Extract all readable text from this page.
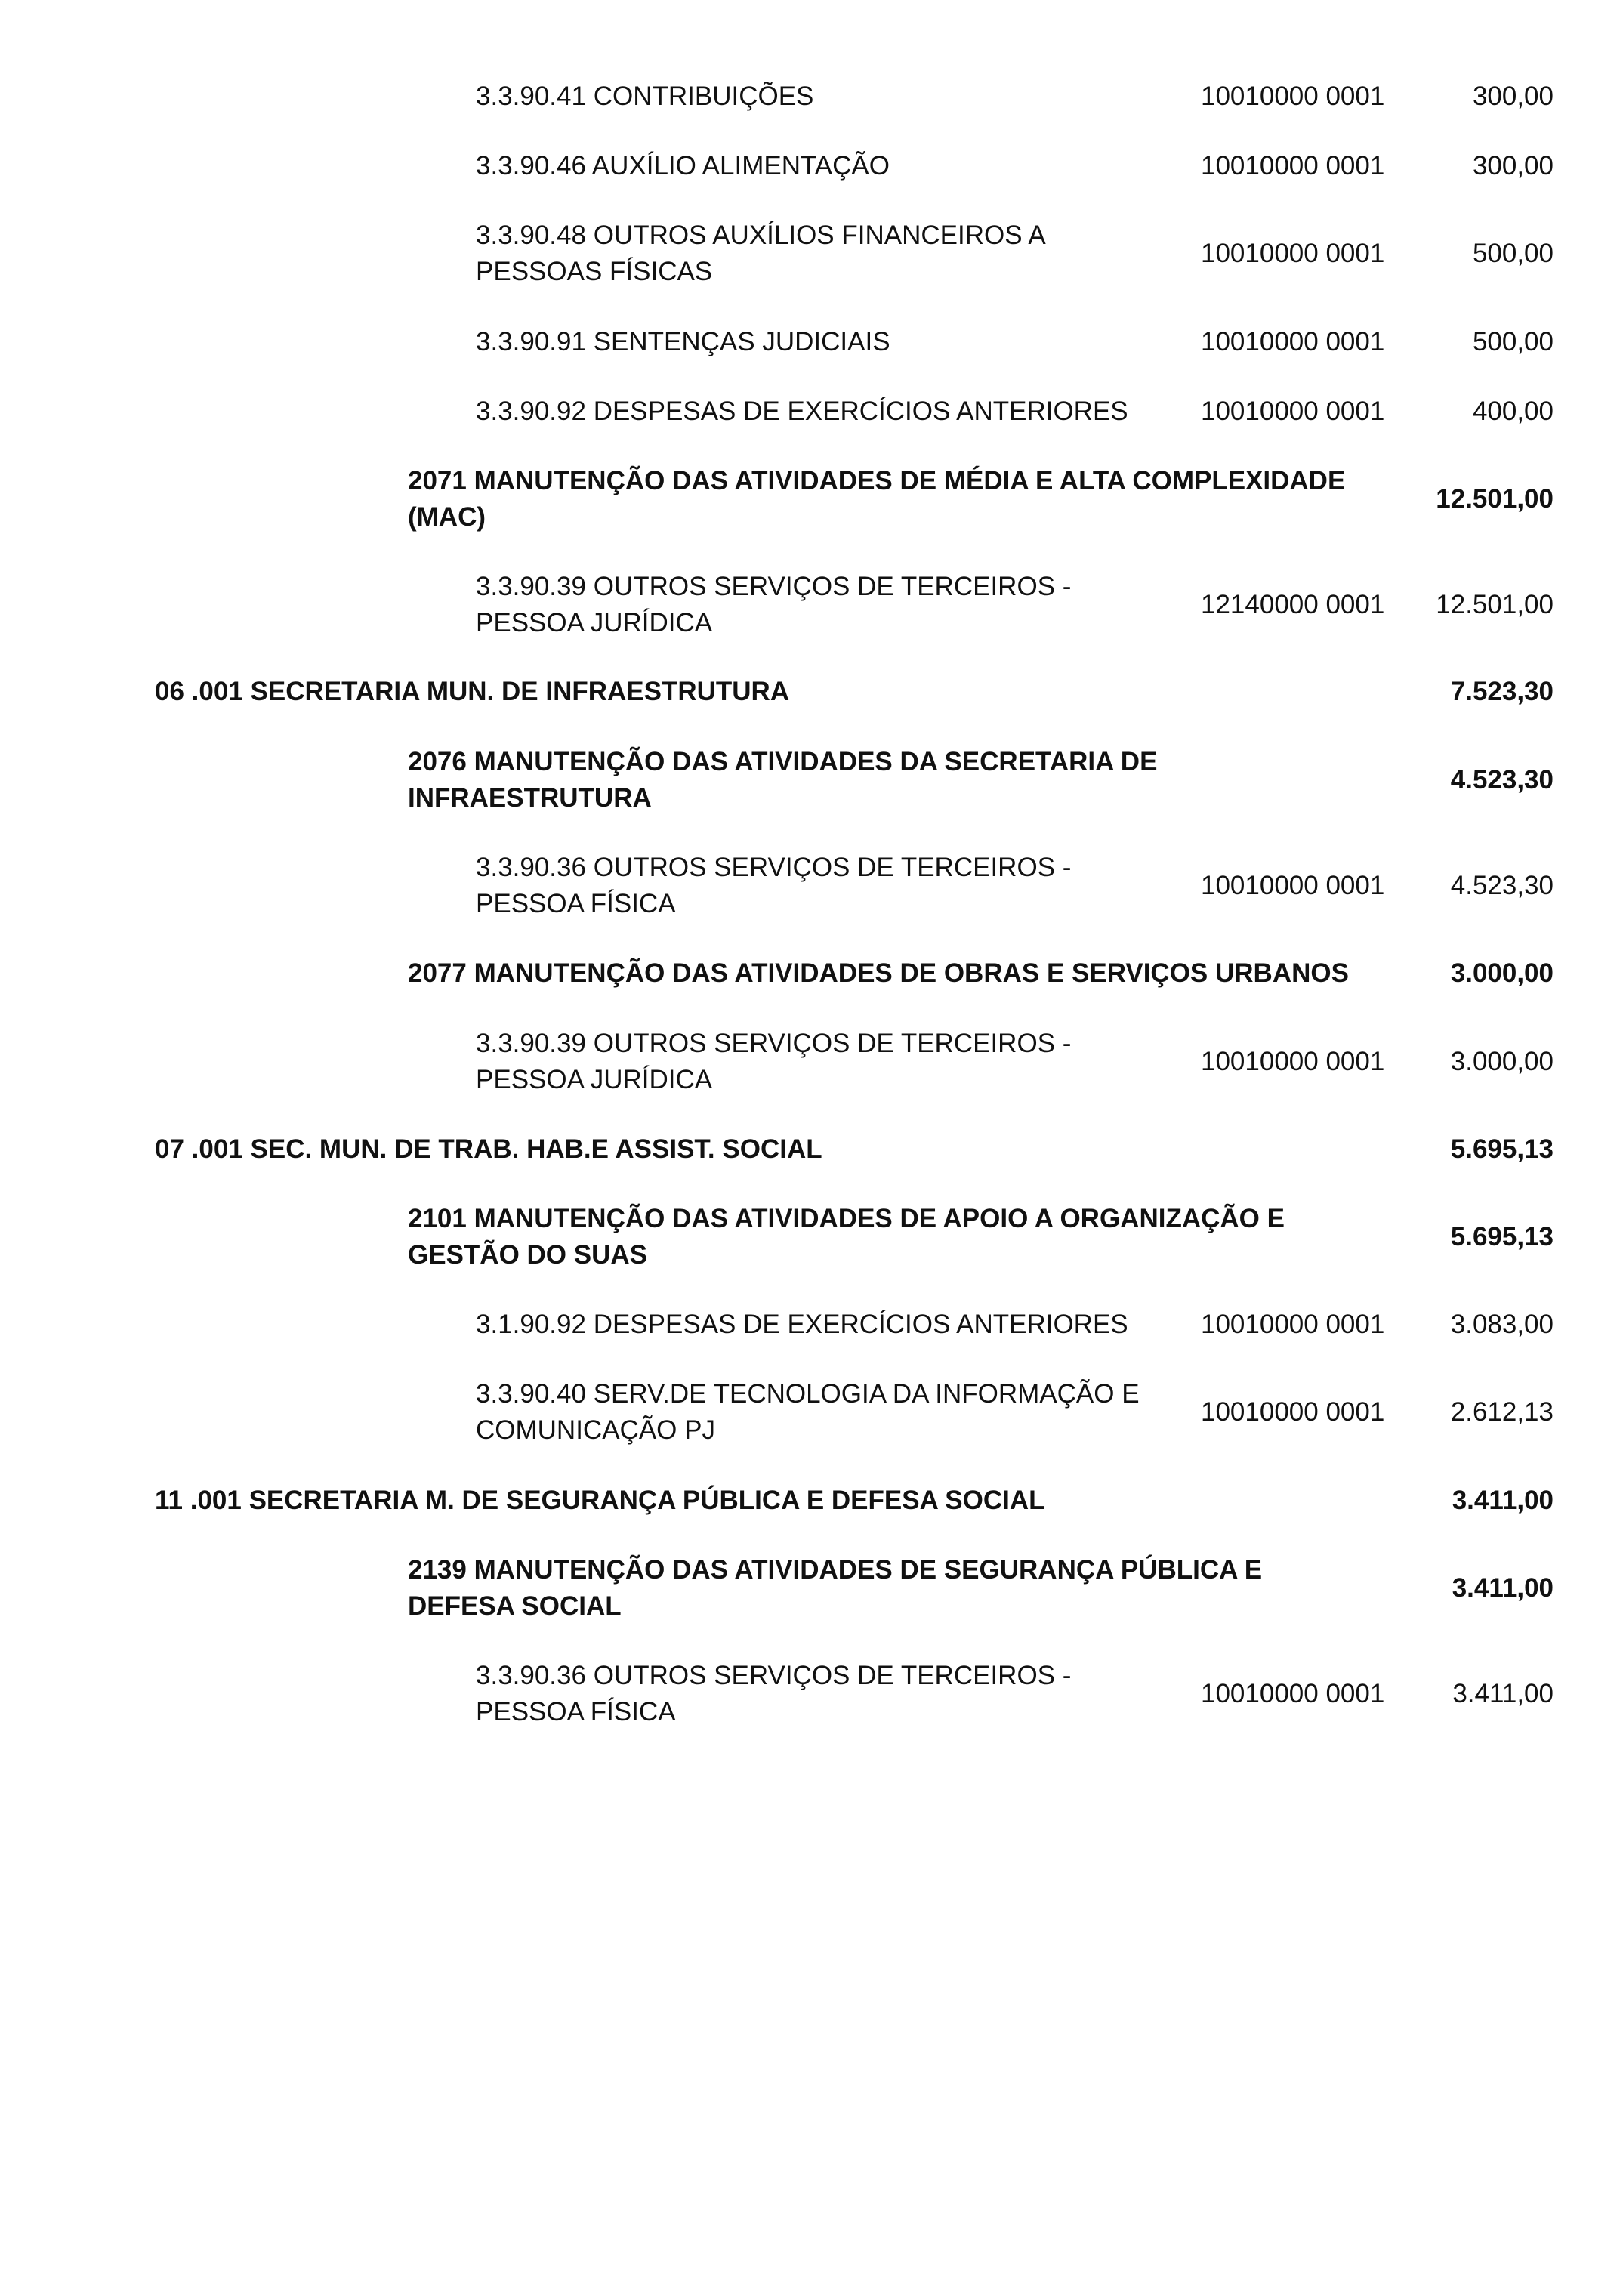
3.3.90.41 CONTRIBUIÇÕES	10010000 0001	300,00
3.3.90.46 AUXÍLIO ALIMENTAÇÃO	10010000 0001	300,00
3.3.90.48 OUTROS AUXÍLIOS FINANCEIROS A
PESSOAS FÍSICAS
10010000 0001	500,00
3.3.90.91 SENTENÇAS JUDICIAIS	10010000 0001	500,00
3.3.90.92 DESPESAS DE EXERCÍCIOS ANTERIORES	10010000 0001	400,00
2071 MANUTENÇÃO DAS ATIVIDADES DE MÉDIA E ALTA COMPLEXIDADE
(MAC)
12.501,00
3.3.90.39 OUTROS SERVIÇOS DE TERCEIROS -
PESSOA JURÍDICA
12140000 0001 12.501,00
06 .001 SECRETARIA MUN. DE INFRAESTRUTURA	7.523,30
2076 MANUTENÇÃO DAS ATIVIDADES DA SECRETARIA DE
INFRAESTRUTURA
4.523,30
3.3.90.36 OUTROS SERVIÇOS DE TERCEIROS -
PESSOA FÍSICA
10010000 0001 4.523,30
2077 MANUTENÇÃO DAS ATIVIDADES DE OBRAS E SERVIÇOS URBANOS	3.000,00
3.3.90.39 OUTROS SERVIÇOS DE TERCEIROS -
PESSOA JURÍDICA
10010000 0001 3.000,00
07 .001 SEC. MUN. DE TRAB. HAB.E ASSIST. SOCIAL	5.695,13
2101 MANUTENÇÃO DAS ATIVIDADES DE APOIO A ORGANIZAÇÃO E
GESTÃO DO SUAS
5.695,13
3.1.90.92 DESPESAS DE EXERCÍCIOS ANTERIORES	10010000 0001 3.083,00
3.3.90.40 SERV.DE TECNOLOGIA DA INFORMAÇÃO E
COMUNICAÇÃO PJ
10010000 0001 2.612,13
11 .001 SECRETARIA M. DE SEGURANÇA PÚBLICA E DEFESA SOCIAL	3.411,00
2139 MANUTENÇÃO DAS ATIVIDADES DE SEGURANÇA PÚBLICA E
DEFESA SOCIAL
3.411,00
3.3.90.36 OUTROS SERVIÇOS DE TERCEIROS -
PESSOA FÍSICA
10010000 0001	3.411,00
